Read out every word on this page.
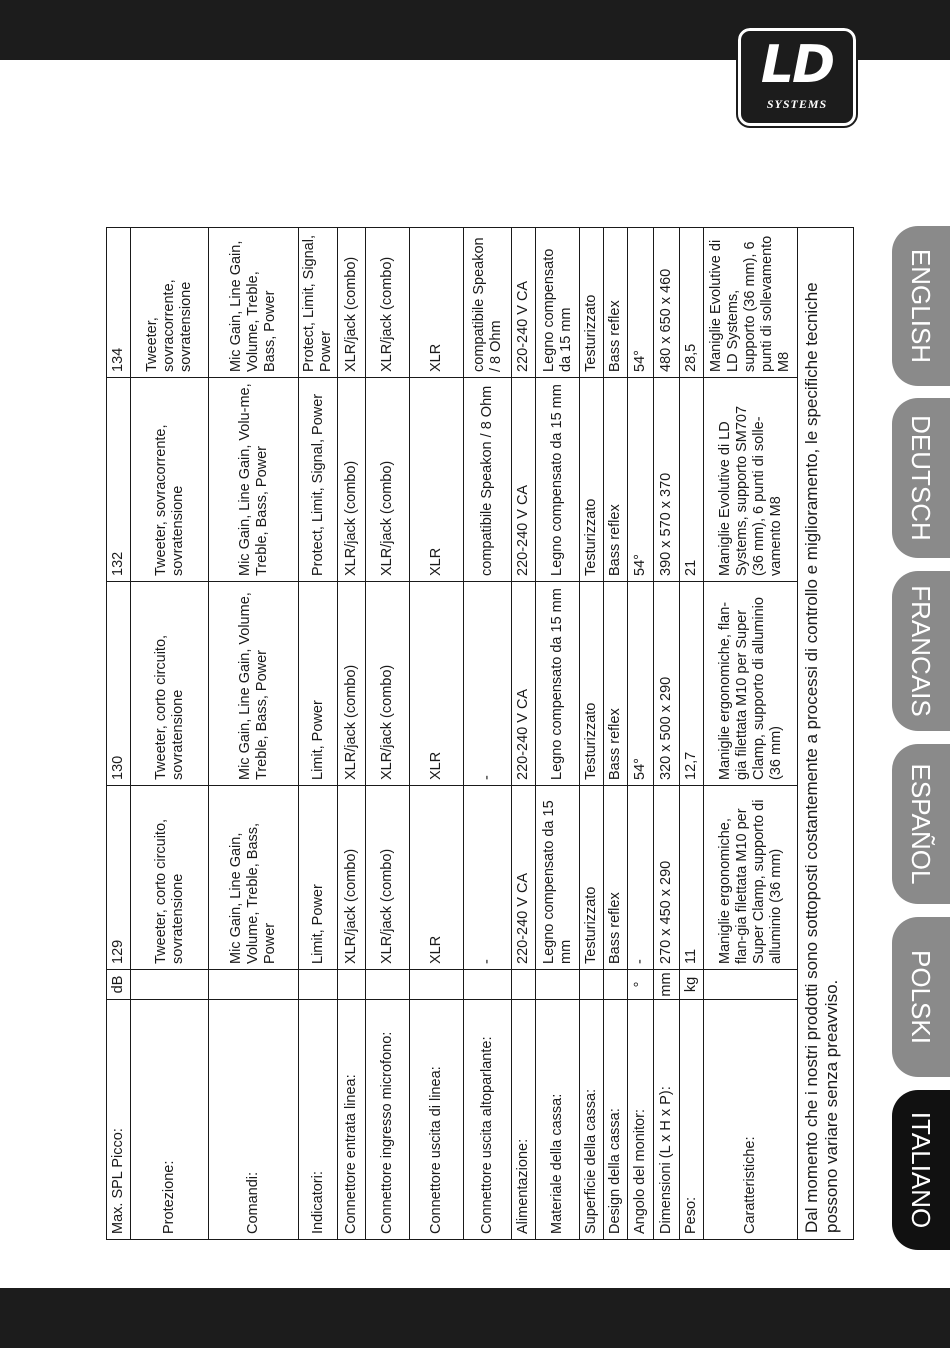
LD
SYSTEMS
ENGLISH
DEUTSCH
FRANCAIS
ESPAÑOL
POLSKI
ITALIANO
Max. SPL Picco:	dB	129	130	132	134
Protezione:		Tweeter, corto circuito, sovratensione	Tweeter, corto circuito, sovratensione	Tweeter, sovracorrente, sovratensione	Tweeter, sovracorrente, sovratensione
Comandi:		Mic Gain, Line Gain, Volume, Treble, Bass, Power	Mic Gain, Line Gain, Volume, Treble, Bass, Power	Mic Gain, Line Gain, Volu-me, Treble, Bass, Power	Mic Gain, Line Gain, Volume, Treble, Bass, Power
Indicatori:		Limit, Power	Limit, Power	Protect, Limit, Signal, Power	Protect, Limit, Signal, Power
Connettore entrata linea:		XLR/jack (combo)	XLR/jack (combo)	XLR/jack (combo)	XLR/jack (combo)
Connettore ingresso microfono:		XLR/jack (combo)	XLR/jack (combo)	XLR/jack (combo)	XLR/jack (combo)
Connettore uscita di linea:		XLR	XLR	XLR	XLR
Connettore uscita altoparlante:		-	-	compatibile Speakon / 8 Ohm	compatibile Speakon / 8 Ohm
Alimentazione:		220-240 V CA	220-240 V CA	220-240 V CA	220-240 V CA
Materiale della cassa:		Legno compensato da 15 mm	Legno compensato da 15 mm	Legno compensato da 15 mm	Legno compensato da 15 mm
Superficie della cassa:		Testurizzato	Testurizzato	Testurizzato	Testurizzato
Design della cassa:		Bass reflex	Bass reflex	Bass reflex	Bass reflex
Angolo del monitor:	°	-	54°	54°	54°
Dimensioni (L x H x P):	mm	270 x 450 x 290	320 x 500 x 290	390 x 570 x 370	480 x 650 x 460
Peso:	kg	11	12,7	21	28,5
Caratteristiche:		Maniglie ergonomiche, flan-gia filettata M10 per Super Clamp, supporto di alluminio (36 mm)	Maniglie ergonomiche, flan-gia filettata M10 per Super Clamp, supporto di alluminio (36 mm)	Maniglie Evolutive di LD Systems, supporto SM707 (36 mm), 6 punti di solle-vamento M8	Maniglie Evolutive di LD Systems, supporto (36 mm), 6 punti di sollevamento M8
Dal momento che i nostri prodotti sono sottoposti costantemente a processi di controllo e miglioramento, le specifiche tecniche possono variare senza preavviso.					
